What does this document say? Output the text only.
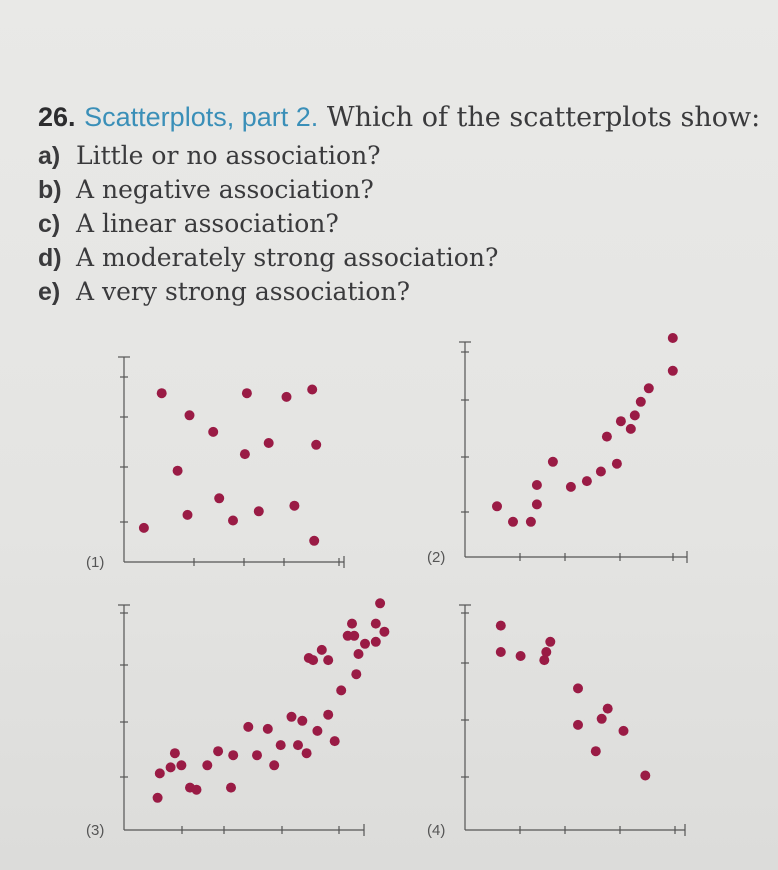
26. Scatterplots, part 2. Which of the scatterplots show:
a) Little or no association?
b) A negative association?
c) A linear association?
d) A moderately strong association?
e) A very strong association?
(1)	(2)
(3)	(4)
